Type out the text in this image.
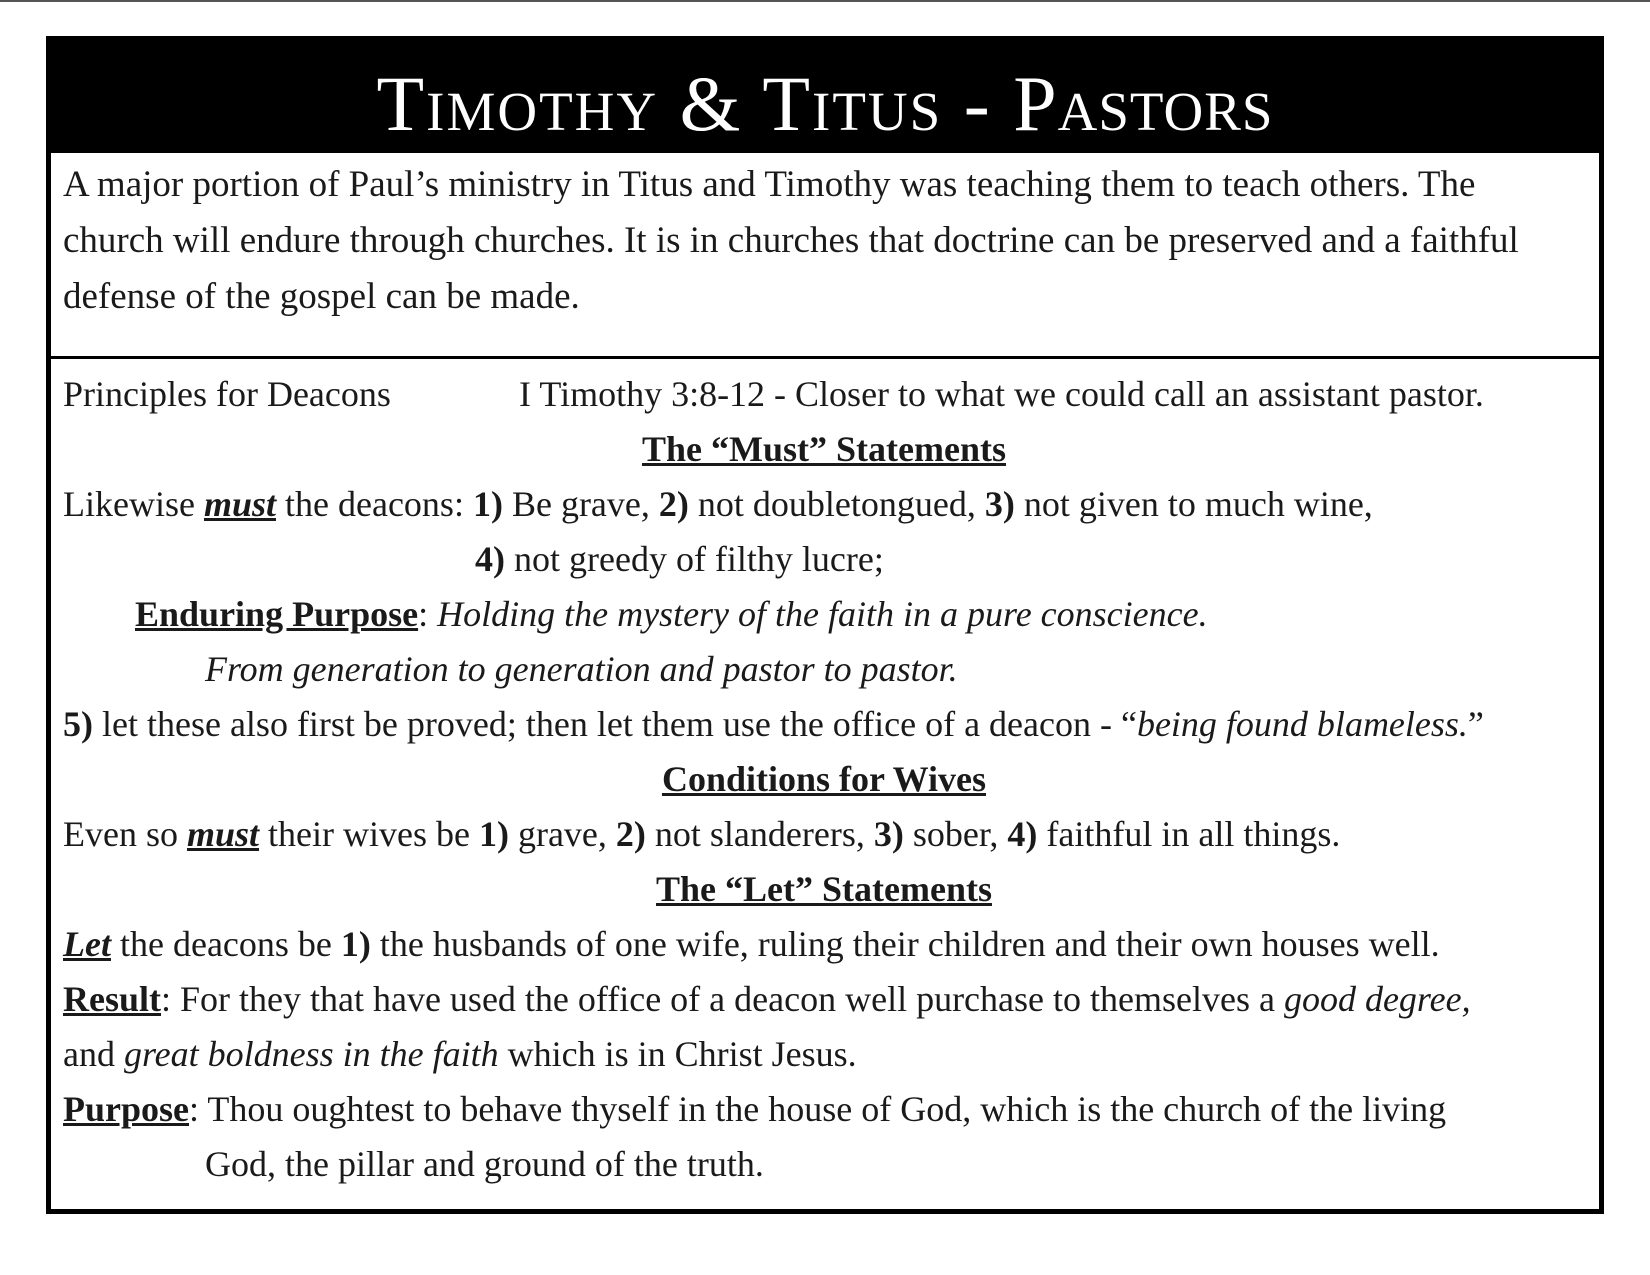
Timothy & Titus - Pastors

A major portion of Paul’s ministry in Titus and Timothy was teaching them to teach others. The church will endure through churches. It is in churches that doctrine can be preserved and a faithful defense of the gospel can be made.

Principles for Deacons	I Timothy 3:8-12 - Closer to what we could call an assistant pastor.
The “Must” Statements
Likewise must the deacons: 1) Be grave, 2) not doubletongued, 3) not given to much wine,
4) not greedy of filthy lucre;
Enduring Purpose: Holding the mystery of the faith in a pure conscience.
From generation to generation and pastor to pastor.
5) let these also first be proved; then let them use the office of a deacon - “being found blameless.”
Conditions for Wives
Even so must their wives be 1) grave, 2) not slanderers, 3) sober, 4) faithful in all things.
The “Let” Statements
Let the deacons be 1) the husbands of one wife, ruling their children and their own houses well.
Result: For they that have used the office of a deacon well purchase to themselves a good degree,
and great boldness in the faith which is in Christ Jesus.
Purpose: Thou oughtest to behave thyself in the house of God, which is the church of the living
God, the pillar and ground of the truth.
